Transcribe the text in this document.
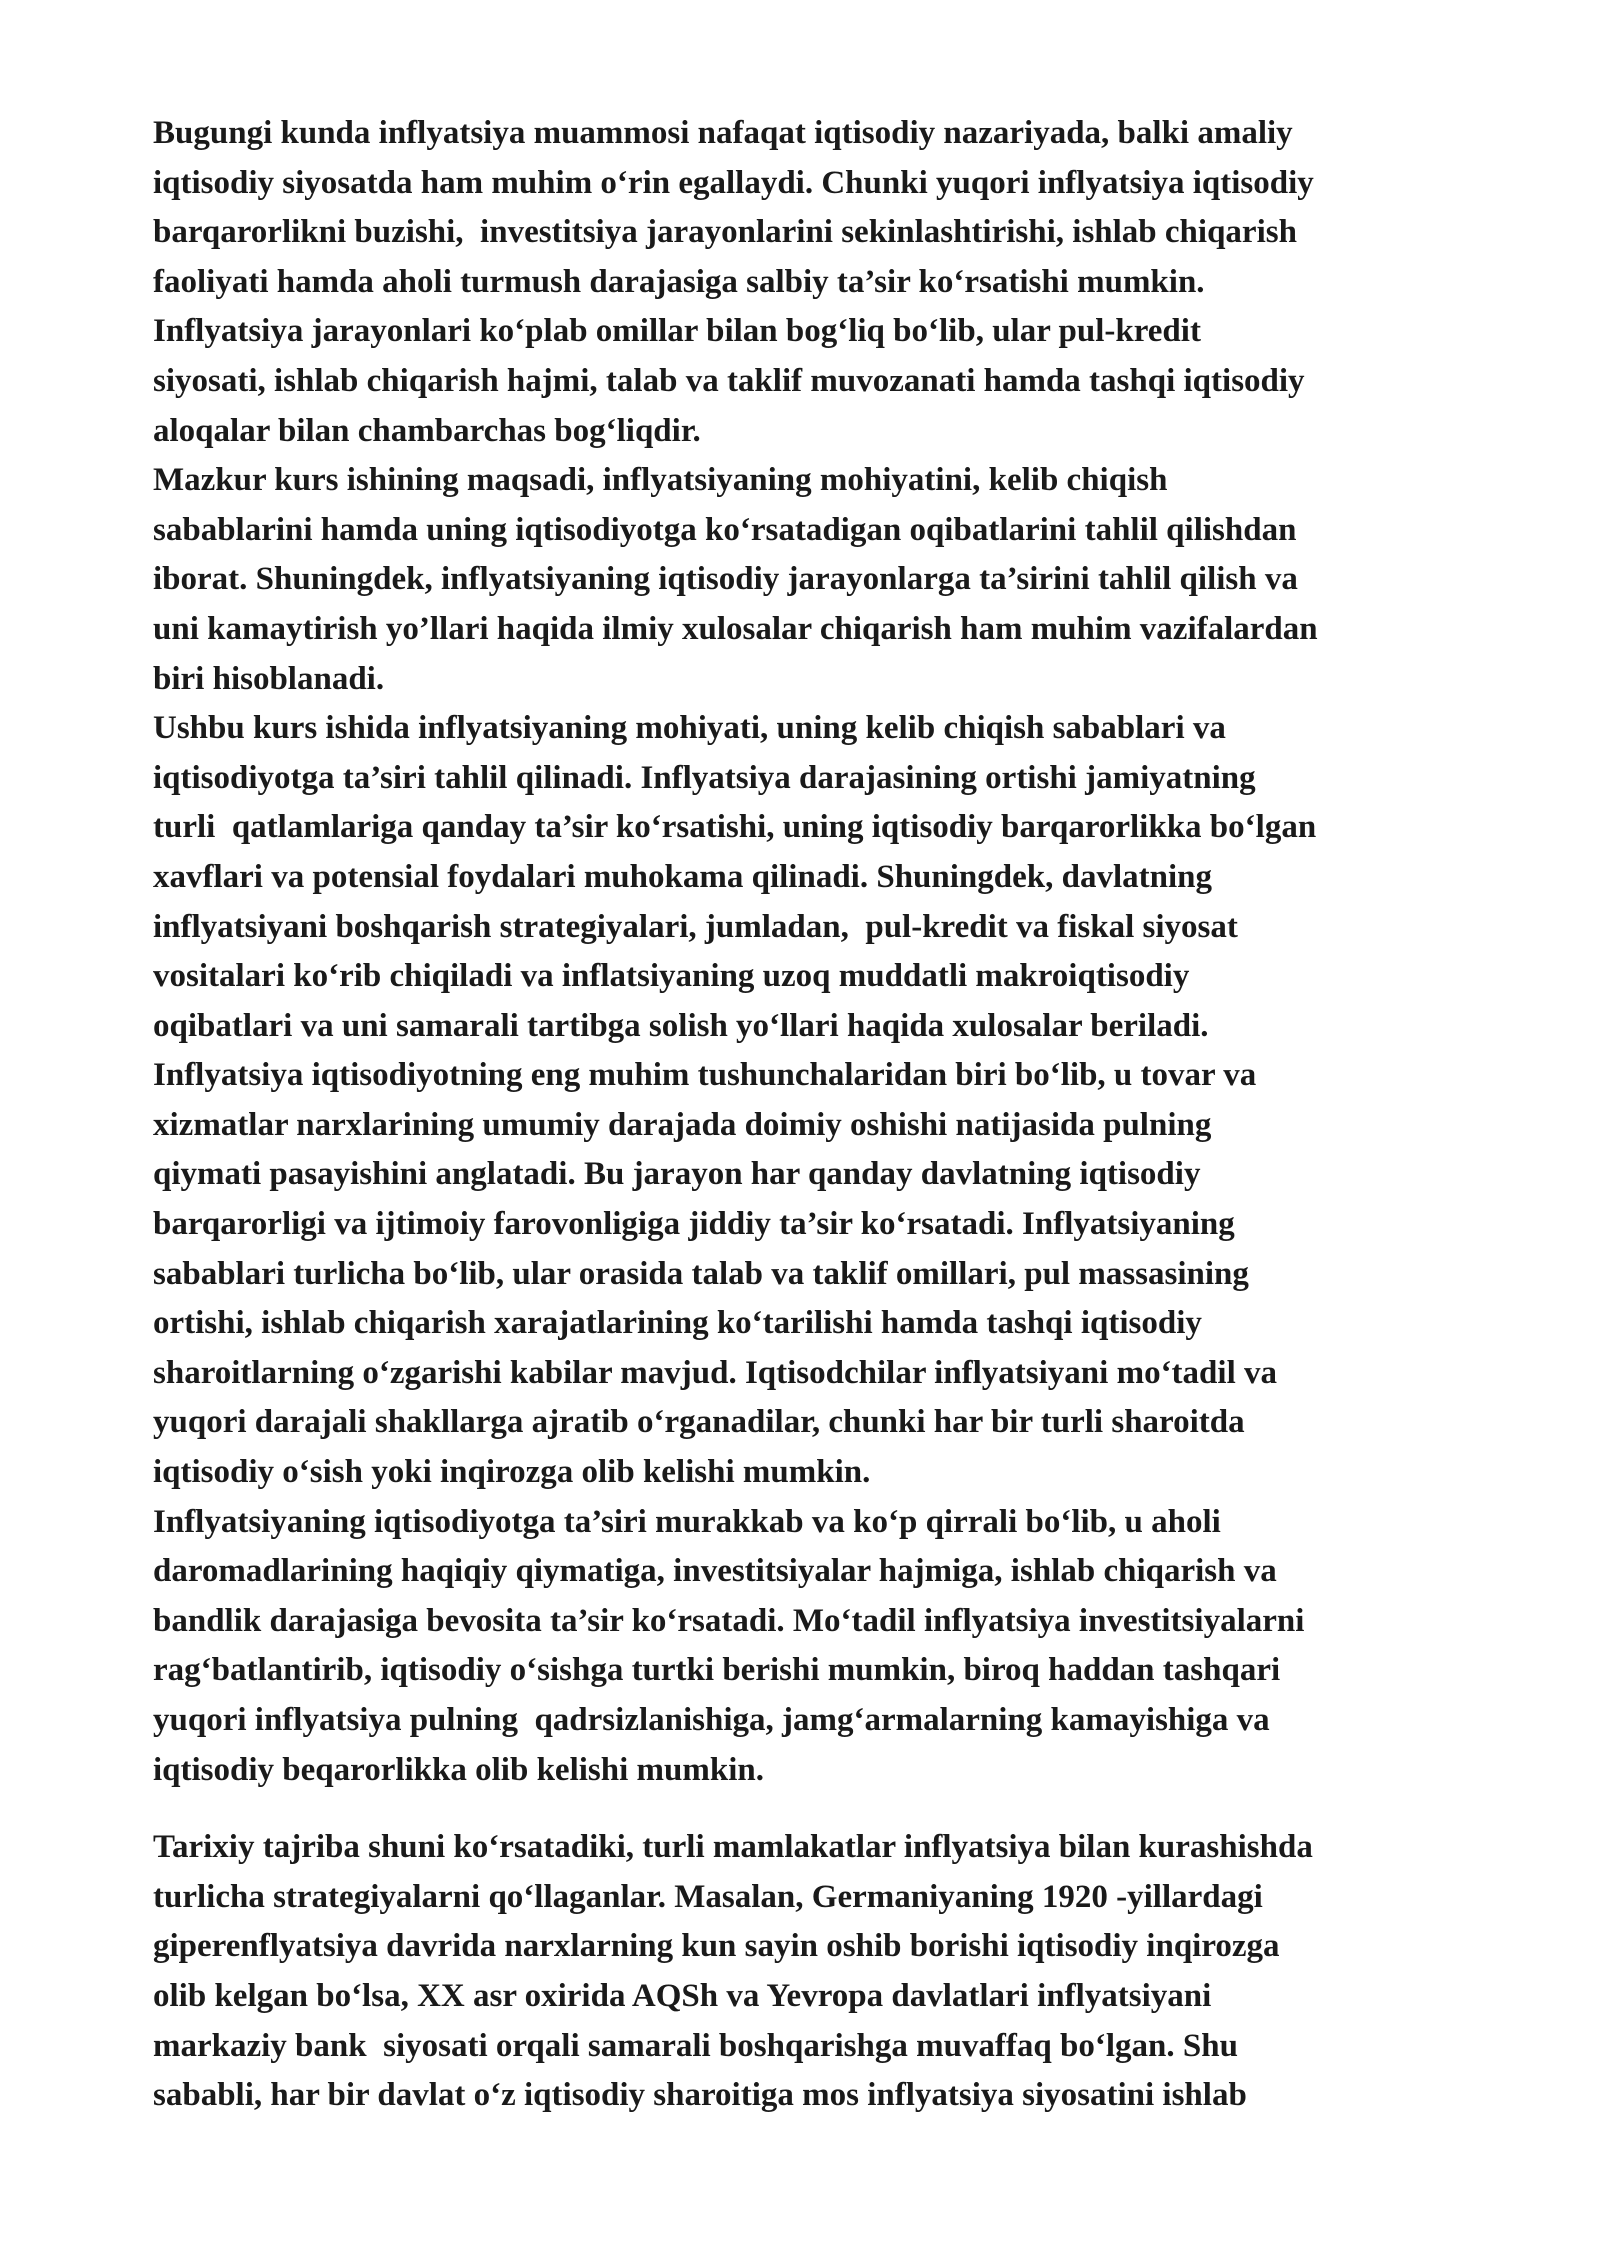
Bugungi kunda inflyatsiya muammosi nafaqat iqtisodiy nazariyada, balki amaliy
iqtisodiy siyosatda ham muhim o‘rin egallaydi. Chunki yuqori inflyatsiya iqtisodiy
barqarorlikni buzishi,  investitsiya jarayonlarini sekinlashtirishi, ishlab chiqarish
faoliyati hamda aholi turmush darajasiga salbiy ta’sir ko‘rsatishi mumkin.
Inflyatsiya jarayonlari ko‘plab omillar bilan bog‘liq bo‘lib, ular pul-kredit
siyosati, ishlab chiqarish hajmi, talab va taklif muvozanati hamda tashqi iqtisodiy
aloqalar bilan chambarchas bog‘liqdir.
Mazkur kurs ishining maqsadi, inflyatsiyaning mohiyatini, kelib chiqish
sabablarini hamda uning iqtisodiyotga ko‘rsatadigan oqibatlarini tahlil qilishdan
iborat. Shuningdek, inflyatsiyaning iqtisodiy jarayonlarga ta’sirini tahlil qilish va
uni kamaytirish yo’llari haqida ilmiy xulosalar chiqarish ham muhim vazifalardan
biri hisoblanadi.
Ushbu kurs ishida inflyatsiyaning mohiyati, uning kelib chiqish sabablari va
iqtisodiyotga ta’siri tahlil qilinadi. Inflyatsiya darajasining ortishi jamiyatning
turli  qatlamlariga qanday ta’sir ko‘rsatishi, uning iqtisodiy barqarorlikka bo‘lgan
xavflari va potensial foydalari muhokama qilinadi. Shuningdek, davlatning
inflyatsiyani boshqarish strategiyalari, jumladan,  pul-kredit va fiskal siyosat
vositalari ko‘rib chiqiladi va inflatsiyaning uzoq muddatli makroiqtisodiy
oqibatlari va uni samarali tartibga solish yo‘llari haqida xulosalar beriladi.
Inflyatsiya iqtisodiyotning eng muhim tushunchalaridan biri bo‘lib, u tovar va
xizmatlar narxlarining umumiy darajada doimiy oshishi natijasida pulning
qiymati pasayishini anglatadi. Bu jarayon har qanday davlatning iqtisodiy
barqarorligi va ijtimoiy farovonligiga jiddiy ta’sir ko‘rsatadi. Inflyatsiyaning
sabablari turlicha bo‘lib, ular orasida talab va taklif omillari, pul massasining
ortishi, ishlab chiqarish xarajatlarining ko‘tarilishi hamda tashqi iqtisodiy
sharoitlarning o‘zgarishi kabilar mavjud. Iqtisodchilar inflyatsiyani mo‘tadil va
yuqori darajali shakllarga ajratib o‘rganadilar, chunki har bir turli sharoitda
iqtisodiy o‘sish yoki inqirozga olib kelishi mumkin.
Inflyatsiyaning iqtisodiyotga ta’siri murakkab va ko‘p qirrali bo‘lib, u aholi
daromadlarining haqiqiy qiymatiga, investitsiyalar hajmiga, ishlab chiqarish va
bandlik darajasiga bevosita ta’sir ko‘rsatadi. Mo‘tadil inflyatsiya investitsiyalarni
rag‘batlantirib, iqtisodiy o‘sishga turtki berishi mumkin, biroq haddan tashqari
yuqori inflyatsiya pulning  qadrsizlanishiga, jamg‘armalarning kamayishiga va
iqtisodiy beqarorlikka olib kelishi mumkin.
Tarixiy tajriba shuni ko‘rsatadiki, turli mamlakatlar inflyatsiya bilan kurashishda
turlicha strategiyalarni qo‘llaganlar. Masalan, Germaniyaning 1920 -yillardagi
giperenflyatsiya davrida narxlarning kun sayin oshib borishi iqtisodiy inqirozga
olib kelgan bo‘lsa, XX asr oxirida AQSh va Yevropa davlatlari inflyatsiyani
markaziy bank  siyosati orqali samarali boshqarishga muvaffaq bo‘lgan. Shu
sababli, har bir davlat o‘z iqtisodiy sharoitiga mos inflyatsiya siyosatini ishlab
